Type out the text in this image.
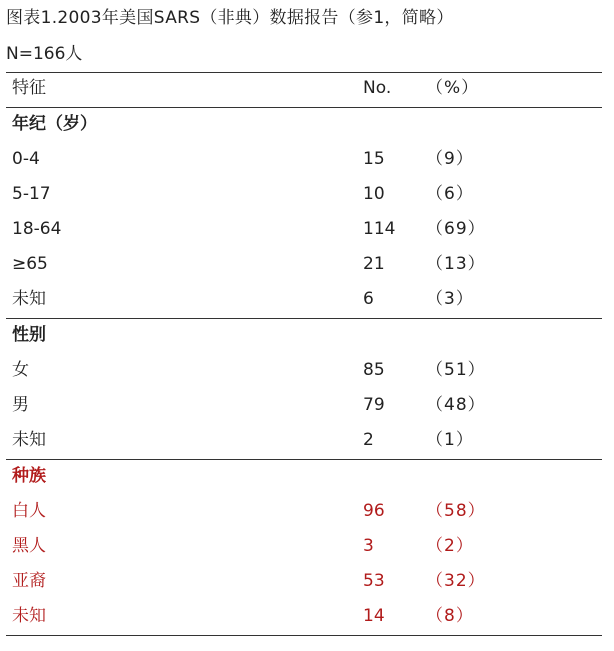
图表1.2003年美国SARS（非典）数据报告（参1，简略）
N=166人
特征	No. （%）
年纪（岁）
0-4	15 （9）
5-17	10 （6）
18-64	114 （69）
≥65	21 （13）
未知	6	（3）
性别
女	85 （51）
男	79 （48）
未知	2	（1）
种族
白人	96 （58）
黑人	3	（2）
亚裔	53 （32）
未知	14 （8）
